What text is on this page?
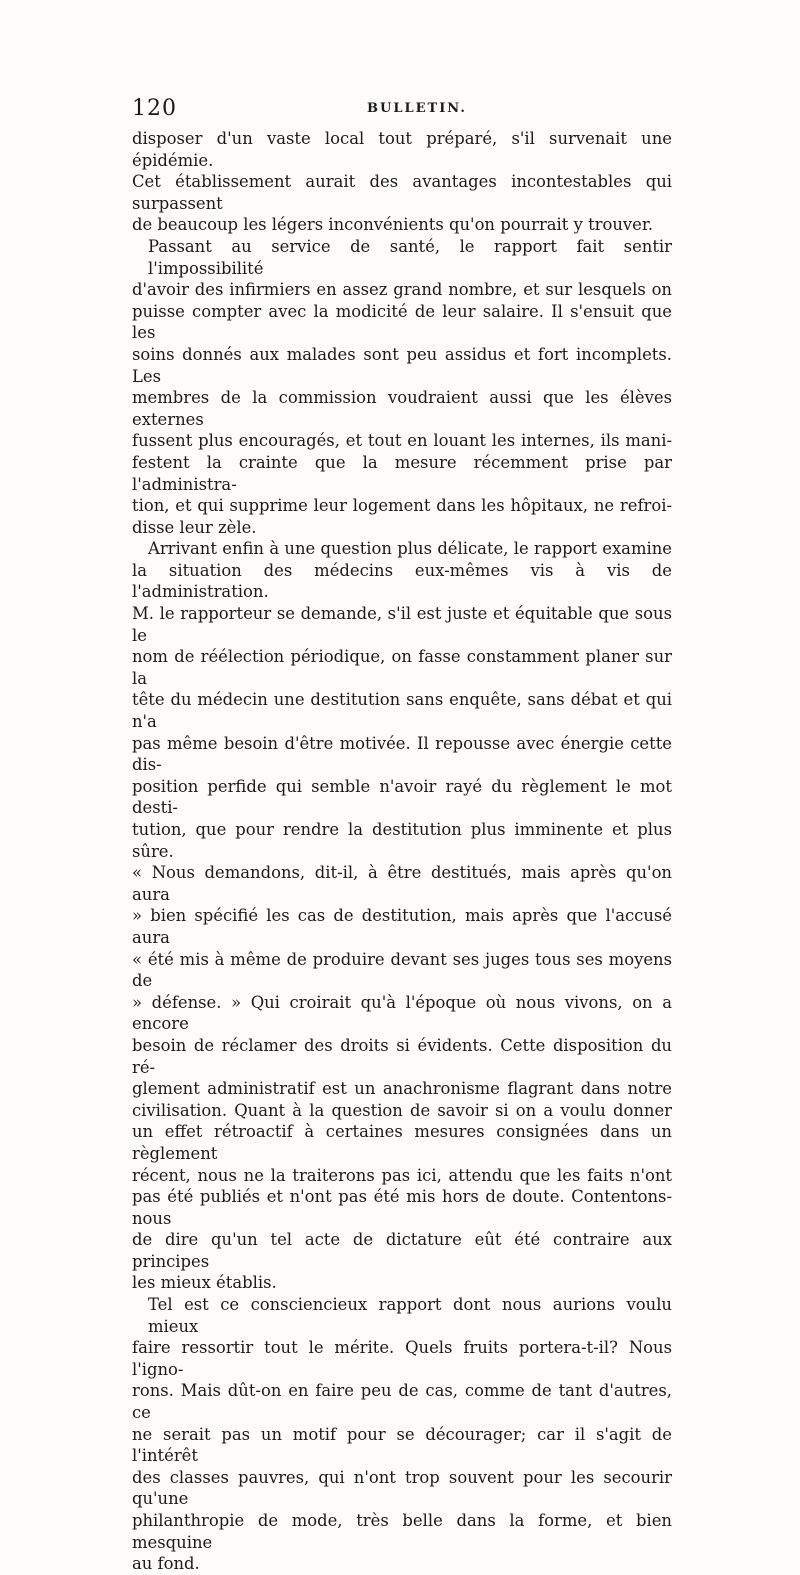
120	BULLETIN.

disposer d'un vaste local tout préparé, s'il survenait une épidémie.
Cet établissement aurait des avantages incontestables qui surpassent
de beaucoup les légers inconvénients qu'on pourrait y trouver.

Passant au service de santé, le rapport fait sentir l'impossibilité
d'avoir des infirmiers en assez grand nombre, et sur lesquels on
puisse compter avec la modicité de leur salaire. Il s'ensuit que les
soins donnés aux malades sont peu assidus et fort incomplets. Les
membres de la commission voudraient aussi que les élèves externes
fussent plus encouragés, et tout en louant les internes, ils mani-
festent la crainte que la mesure récemment prise par l'administra-
tion, et qui supprime leur logement dans les hôpitaux, ne refroi-
disse leur zèle.

Arrivant enfin à une question plus délicate, le rapport examine
la situation des médecins eux-mêmes vis à vis de l'administration.
M. le rapporteur se demande, s'il est juste et équitable que sous le
nom de réélection périodique, on fasse constamment planer sur la
tête du médecin une destitution sans enquête, sans débat et qui n'a
pas même besoin d'être motivée. Il repousse avec énergie cette dis-
position perfide qui semble n'avoir rayé du règlement le mot desti-
tution, que pour rendre la destitution plus imminente et plus sûre.
« Nous demandons, dit-il, à être destitués, mais après qu'on aura
» bien spécifié les cas de destitution, mais après que l'accusé aura
« été mis à même de produire devant ses juges tous ses moyens de
» défense. » Qui croirait qu'à l'époque où nous vivons, on a encore
besoin de réclamer des droits si évidents. Cette disposition du ré-
glement administratif est un anachronisme flagrant dans notre
civilisation. Quant à la question de savoir si on a voulu donner
un effet rétroactif à certaines mesures consignées dans un règlement
récent, nous ne la traiterons pas ici, attendu que les faits n'ont
pas été publiés et n'ont pas été mis hors de doute. Contentons-nous
de dire qu'un tel acte de dictature eût été contraire aux principes
les mieux établis.

Tel est ce consciencieux rapport dont nous aurions voulu mieux
faire ressortir tout le mérite. Quels fruits portera-t-il? Nous l'igno-
rons. Mais dût-on en faire peu de cas, comme de tant d'autres, ce
ne serait pas un motif pour se décourager; car il s'agit de l'intérêt
des classes pauvres, qui n'ont trop souvent pour les secourir qu'une
philanthropie de mode, très belle dans la forme, et bien mesquine
au fond.
